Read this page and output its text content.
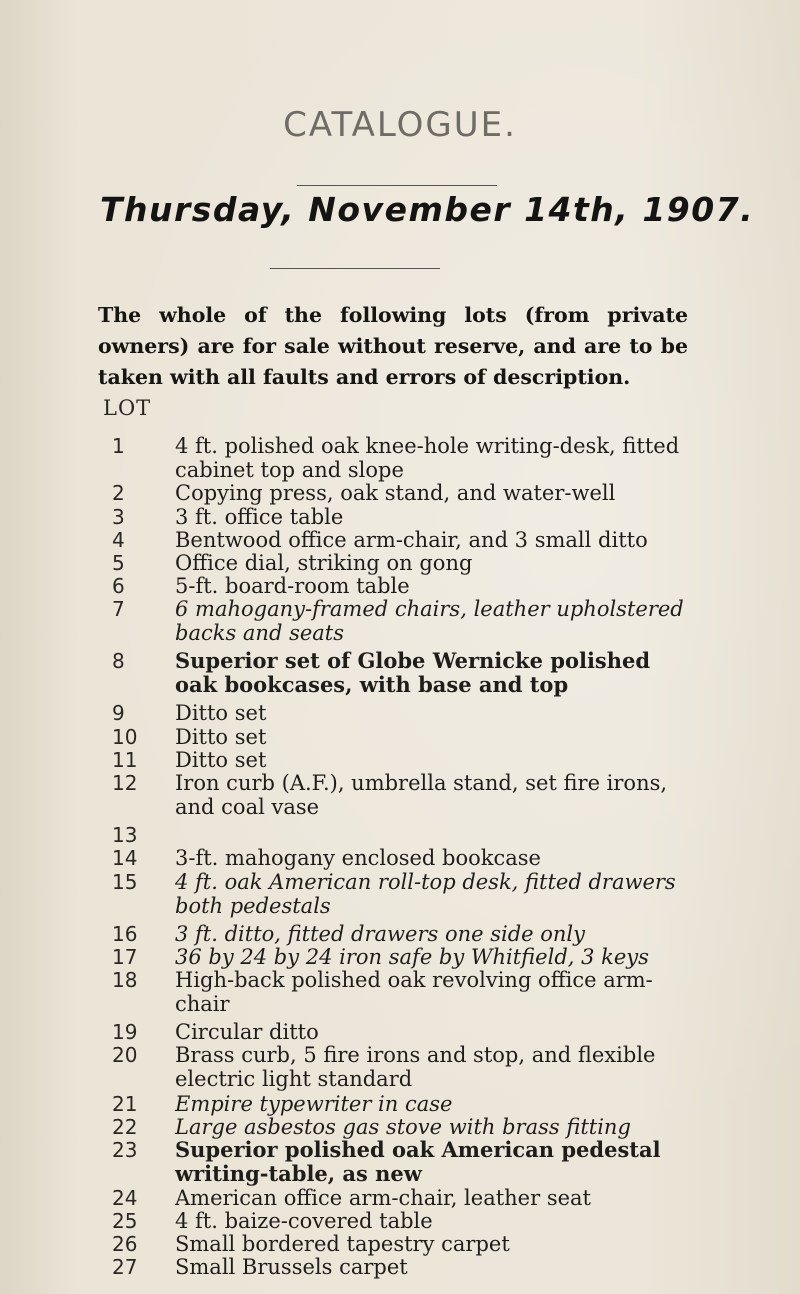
CATALOGUE.
Thursday, November 14th, 1907.
The whole of the following lots (from private owners) are for sale without reserve, and are to be taken with all faults and errors of description.
LOT
1	4 ft. polished oak knee-hole writing-desk, fitted cabinet top and slope
2	Copying press, oak stand, and water-well
3	3 ft. office table
4	Bentwood office arm-chair, and 3 small ditto
5	Office dial, striking on gong
6	5-ft. board-room table
7	6 mahogany-framed chairs, leather upholstered backs and seats
8	Superior set of Globe Wernicke polished oak bookcases, with base and top
9	Ditto set
10	Ditto set
11	Ditto set
12	Iron curb (A.F.), umbrella stand, set fire irons, and coal vase
13
14	3-ft. mahogany enclosed bookcase
15	4 ft. oak American roll-top desk, fitted drawers both pedestals
16	3 ft. ditto, fitted drawers one side only
17	36 by 24 by 24 iron safe by Whitfield, 3 keys
18	High-back polished oak revolving office arm-chair
19	Circular ditto
20	Brass curb, 5 fire irons and stop, and flexible electric light standard
21	Empire typewriter in case
22	Large asbestos gas stove with brass fitting
23	Superior polished oak American pedestal writing-table, as new
24	American office arm-chair, leather seat
25	4 ft. baize-covered table
26	Small bordered tapestry carpet
27	Small Brussels carpet
